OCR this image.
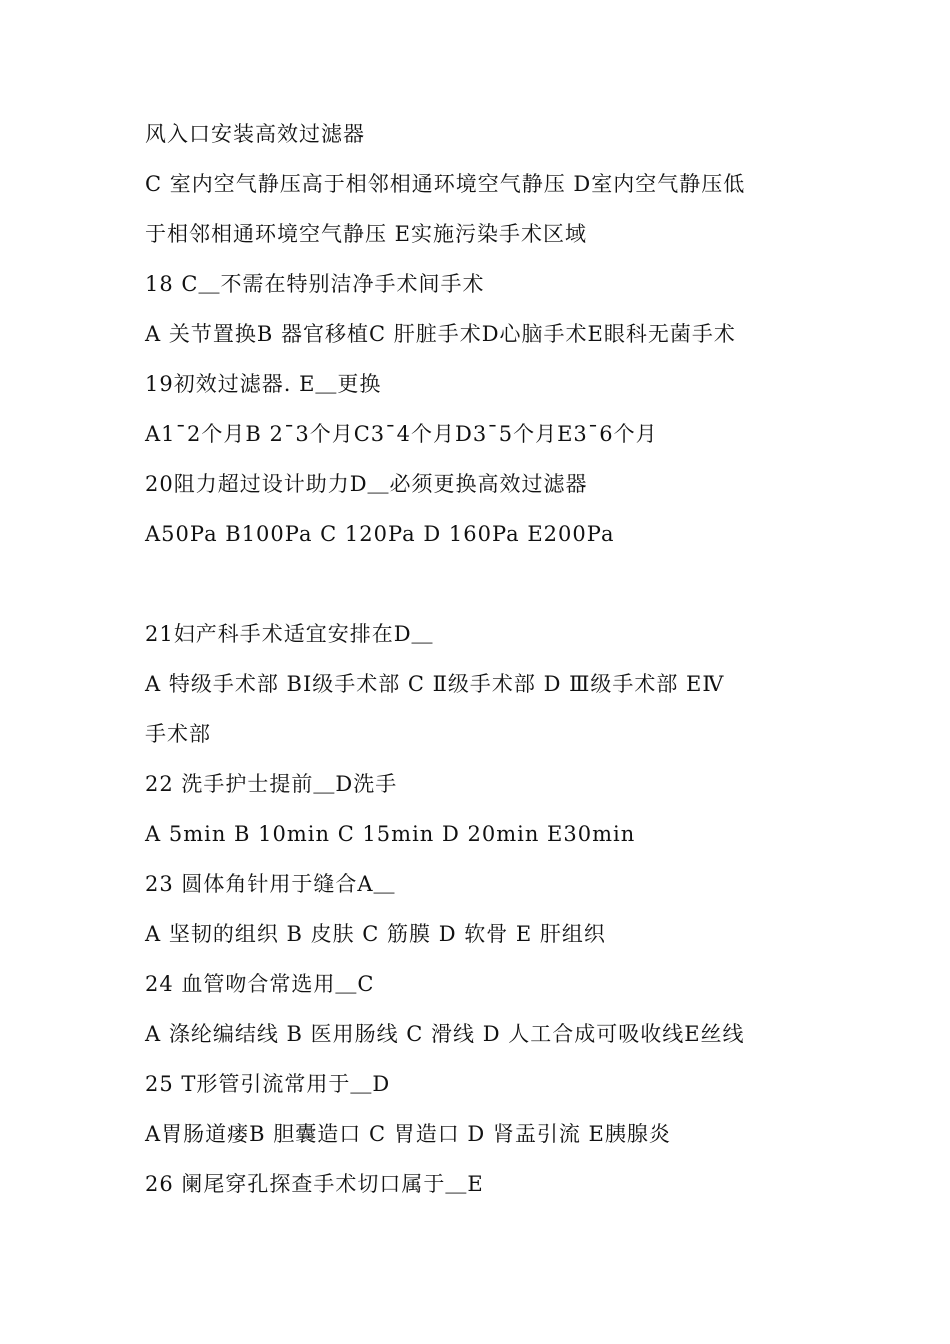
风入口安装高效过滤器
C 室内空气静压高于相邻相通环境空气静压 D室内空气静压低
于相邻相通环境空气静压 E实施污染手术区域
18 C＿不需在特别洁净手术间手术
A 关节置换B 器官移植C 肝脏手术D心脑手术E眼科无菌手术
19初效过滤器. E＿更换
A1¯2个月B 2¯3个月C3¯4个月D3¯5个月E3¯6个月
20阻力超过设计助力D＿必须更换高效过滤器
A50Pa B100Pa C 120Pa D 160Pa E200Pa
21妇产科手术适宜安排在D＿
A 特级手术部 BI级手术部 C Ⅱ级手术部 D Ⅲ级手术部 EⅣ
手术部
22 洗手护士提前＿D洗手
A 5min B 10min C 15min D 20min E30min
23 圆体角针用于缝合A＿
A 坚韧的组织 B 皮肤 C 筋膜 D 软骨 E 肝组织
24 血管吻合常选用＿C
A 涤纶编结线 B 医用肠线 C 滑线 D 人工合成可吸收线E丝线
25 T形管引流常用于＿D
A胃肠道瘘B 胆囊造口 C 胃造口 D 肾盂引流 E胰腺炎
26 阑尾穿孔探查手术切口属于＿E
